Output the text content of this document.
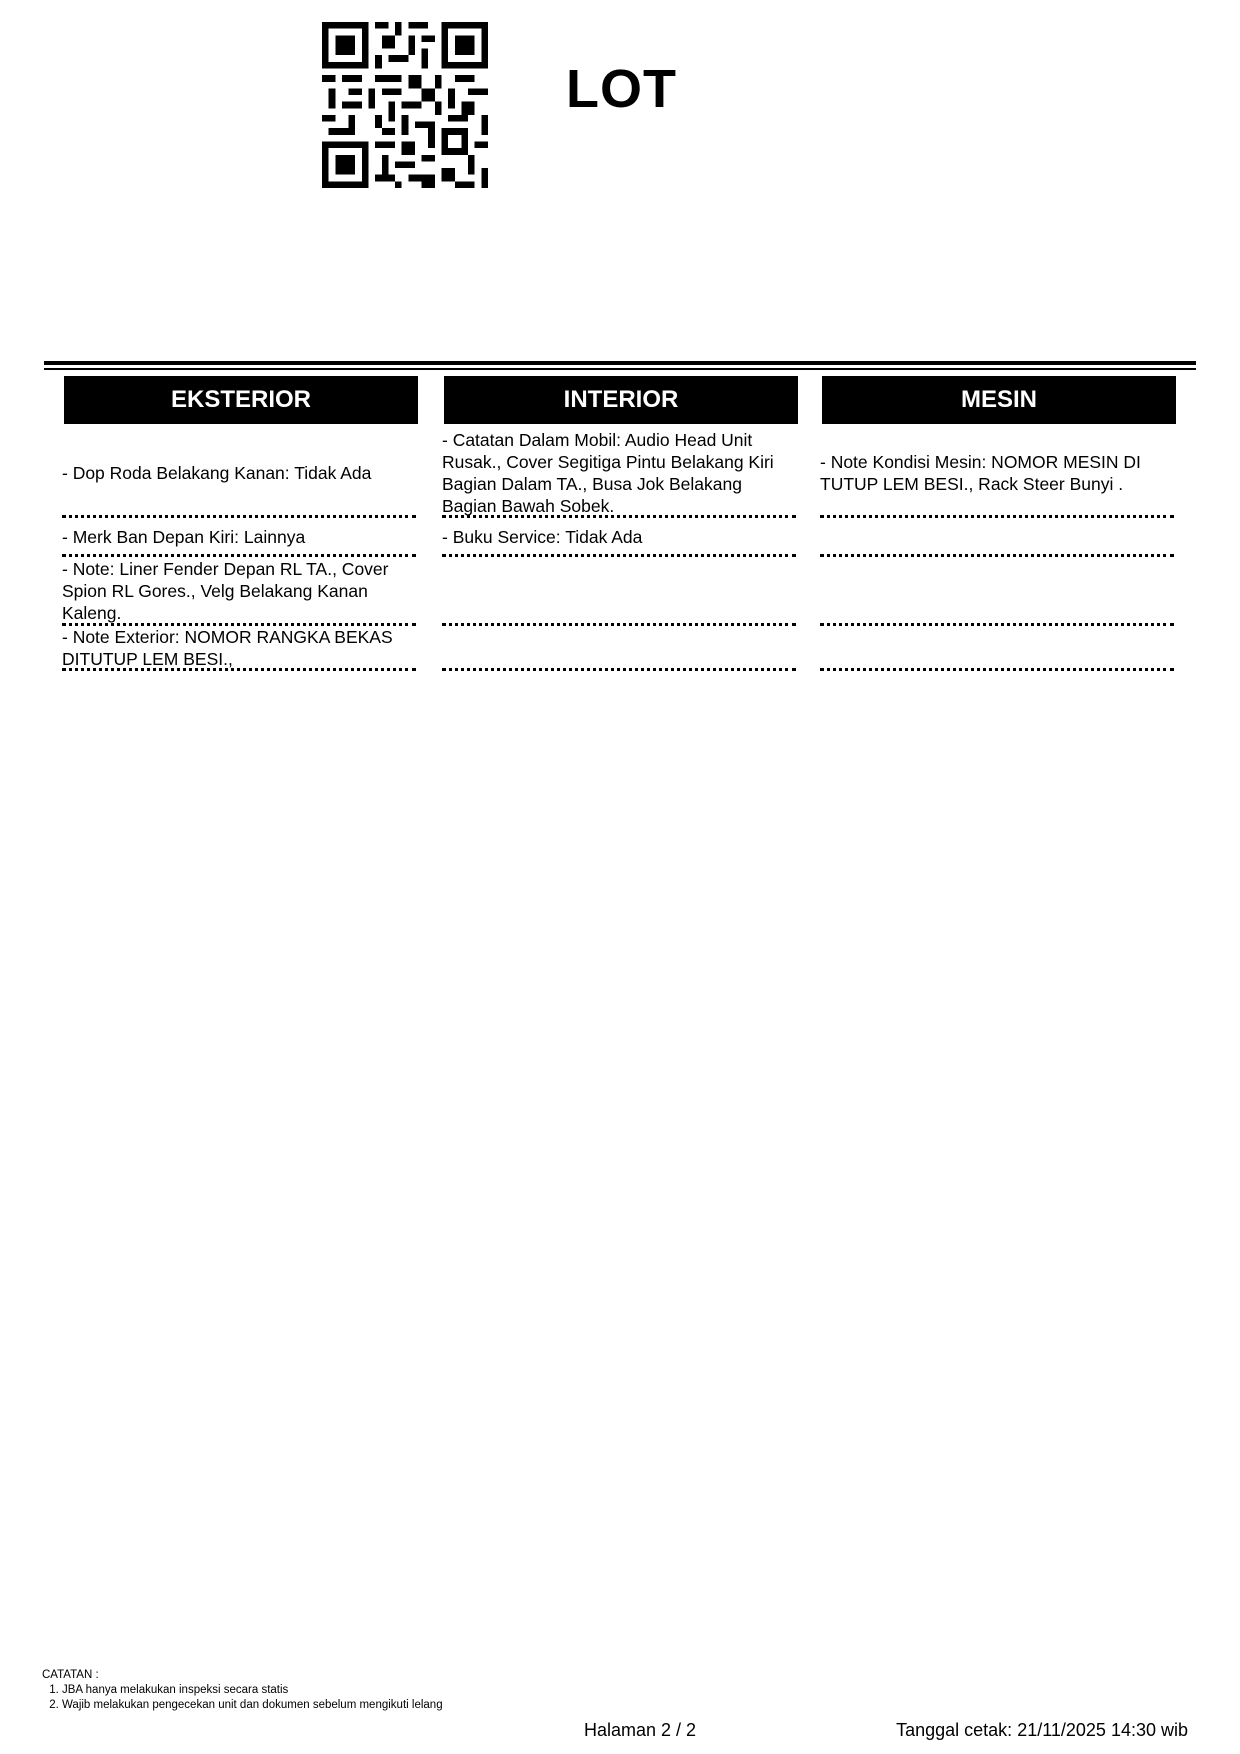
LOT
EKSTERIOR
- Dop Roda Belakang Kanan: Tidak Ada
- Merk Ban Depan Kiri: Lainnya
- Note: Liner Fender Depan RL TA., Cover Spion RL Gores., Velg Belakang Kanan Kaleng.
- Note Exterior: NOMOR RANGKA BEKAS DITUTUP LEM BESI.,
INTERIOR
- Catatan Dalam Mobil: Audio Head Unit Rusak., Cover Segitiga Pintu Belakang Kiri Bagian Dalam TA., Busa Jok Belakang Bagian Bawah Sobek.
- Buku Service: Tidak Ada
MESIN
- Note Kondisi Mesin: NOMOR MESIN DI TUTUP LEM BESI., Rack Steer Bunyi .
CATATAN :
1. JBA hanya melakukan inspeksi secara statis
2. Wajib melakukan pengecekan unit dan dokumen sebelum mengikuti lelang
Halaman 2 / 2	Tanggal cetak: 21/11/2025 14:30 wib
